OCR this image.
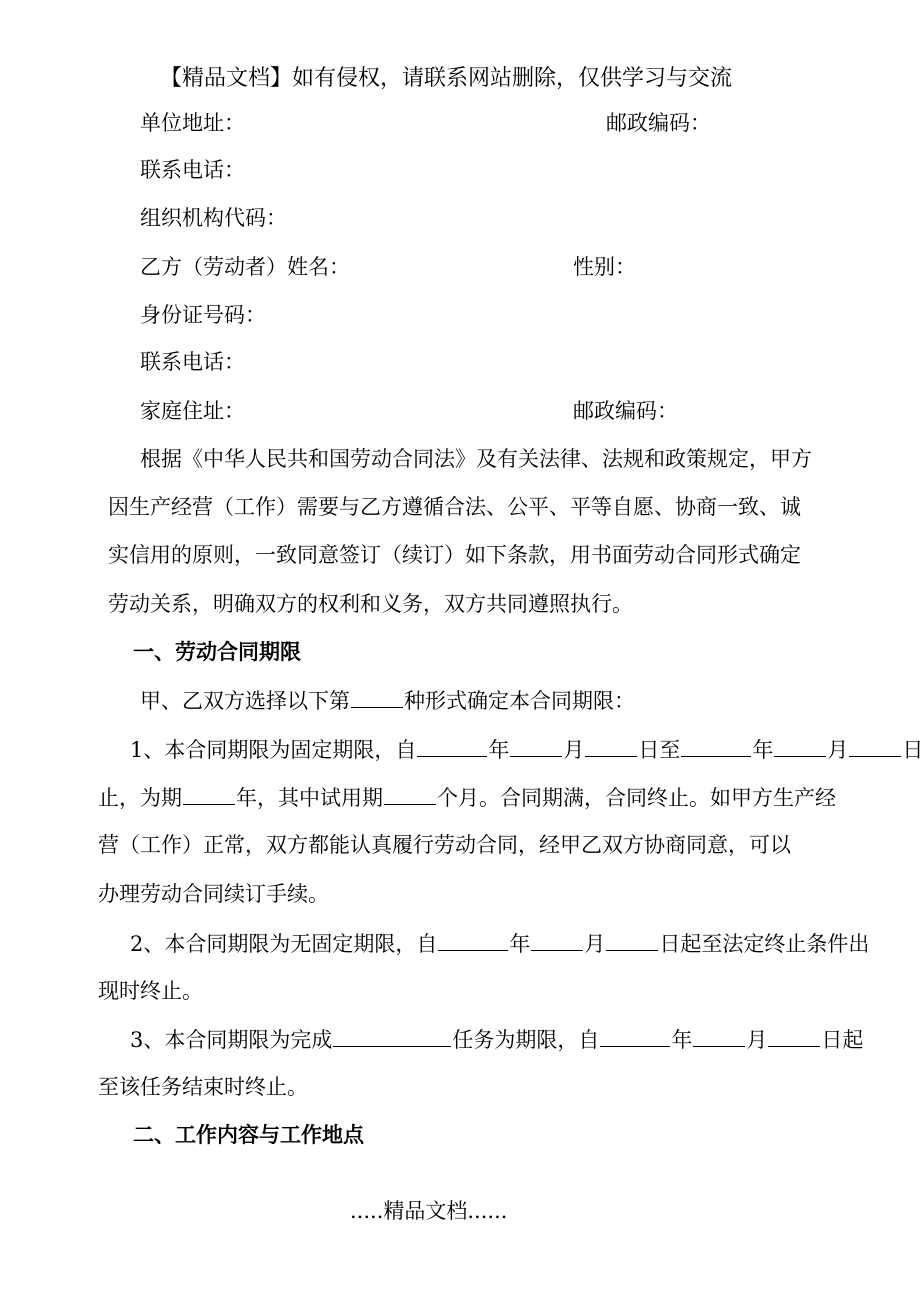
【精品文档】如有侵权，请联系网站删除，仅供学习与交流
单位地址：	邮政编码：
联系电话：
组织机构代码：
乙方（劳动者）姓名：	性别：
身份证号码：
联系电话：
家庭住址：	邮政编码：
根据《中华人民共和国劳动合同法》及有关法律、法规和政策规定，甲方
因生产经营（工作）需要与乙方遵循合法、公平、平等自愿、协商一致、诚
实信用的原则，一致同意签订（续订）如下条款，用书面劳动合同形式确定
劳动关系，明确双方的权利和义务，双方共同遵照执行。
一、劳动合同期限
甲、乙双方选择以下第	种形式确定本合同期限：
1、本合同期限为固定期限，自	年	月	日至	年	月	日
止，为期	年，其中试用期	个月。合同期满，合同终止。如甲方生产经
营（工作）正常，双方都能认真履行劳动合同，经甲乙双方协商同意，可以
办理劳动合同续订手续。
2、本合同期限为无固定期限，自	年	月	日起至法定终止条件出
现时终止。
3、本合同期限为完成	任务为期限，自	年	月	日起
至该任务结束时终止。
二、工作内容与工作地点
.....精品文档......
